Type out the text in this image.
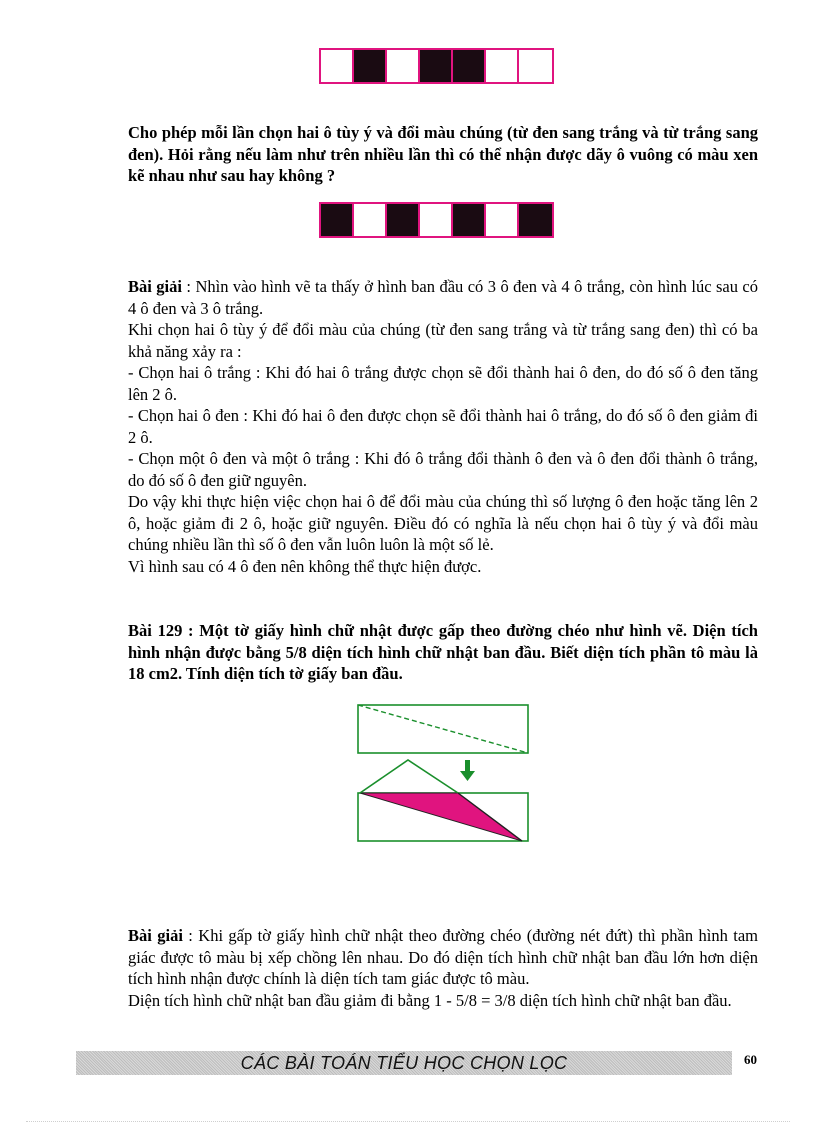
Cho phép mỗi lần chọn hai ô tùy ý và đổi màu chúng (từ đen sang trắng và từ trắng sang đen). Hỏi rằng nếu làm như trên nhiều lần thì có thể nhận được dãy ô vuông có màu xen kẽ nhau như sau hay không ?

Bài giải : Nhìn vào hình vẽ ta thấy ở hình ban đầu có 3 ô đen và 4 ô trắng, còn hình lúc sau có 4 ô đen và 3 ô trắng.

Khi chọn hai ô tùy ý để đổi màu của chúng (từ đen sang trắng và từ trắng sang đen) thì có ba khả năng xảy ra :

- Chọn hai ô trắng : Khi đó hai ô trắng được chọn sẽ đổi thành hai ô đen, do đó số ô đen tăng lên 2 ô.

- Chọn hai ô đen : Khi đó hai ô đen được chọn sẽ đổi thành hai ô trắng, do đó số ô đen giảm đi 2 ô.

- Chọn một ô đen và một ô trắng : Khi đó ô trắng đổi thành ô đen và ô đen đổi thành ô trắng, do đó số ô đen giữ nguyên.

Do vậy khi thực hiện việc chọn hai ô để đổi màu của chúng thì số lượng ô đen hoặc tăng lên 2 ô, hoặc giảm đi 2 ô, hoặc giữ nguyên. Điều đó có nghĩa là nếu chọn hai ô tùy ý và đổi màu chúng nhiều lần thì số ô đen vẫn luôn luôn là một số lẻ.

Vì hình sau có 4 ô đen nên không thể thực hiện được.

Bài 129 : Một tờ giấy hình chữ nhật được gấp theo đường chéo như hình vẽ. Diện tích hình nhận được bằng 5/8 diện tích hình chữ nhật ban đầu. Biết diện tích phần tô màu là 18 cm2. Tính diện tích tờ giấy ban đầu.

Bài giải : Khi gấp tờ giấy hình chữ nhật theo đường chéo (đường nét đứt) thì phần hình tam giác được tô màu bị xếp chồng lên nhau. Do đó diện tích hình chữ nhật ban đầu lớn hơn diện tích hình nhận được chính là diện tích tam giác được tô màu.

Diện tích hình chữ nhật ban đầu giảm đi bằng 1 - 5/8 = 3/8 diện tích hình chữ nhật ban đầu.

CÁC BÀI TOÁN TIỂU HỌC CHỌN LỌC	60
